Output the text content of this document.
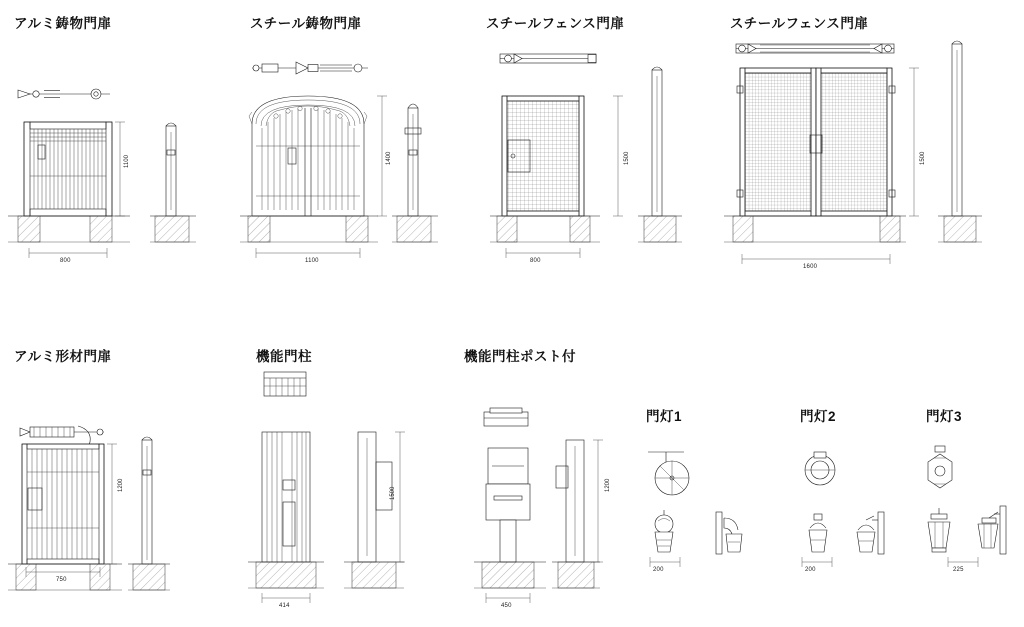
アルミ鋳物門扉	スチール鋳物門扉	スチールフェンス門扉	スチールフェンス門扉
アルミ形材門扉	機能門柱	機能門柱ポスト付
門灯1	門灯2	門灯3
800
1100
1100
1400
800
1500
1600
1500
750
1200
414
1500
450
1200
200	200	225
